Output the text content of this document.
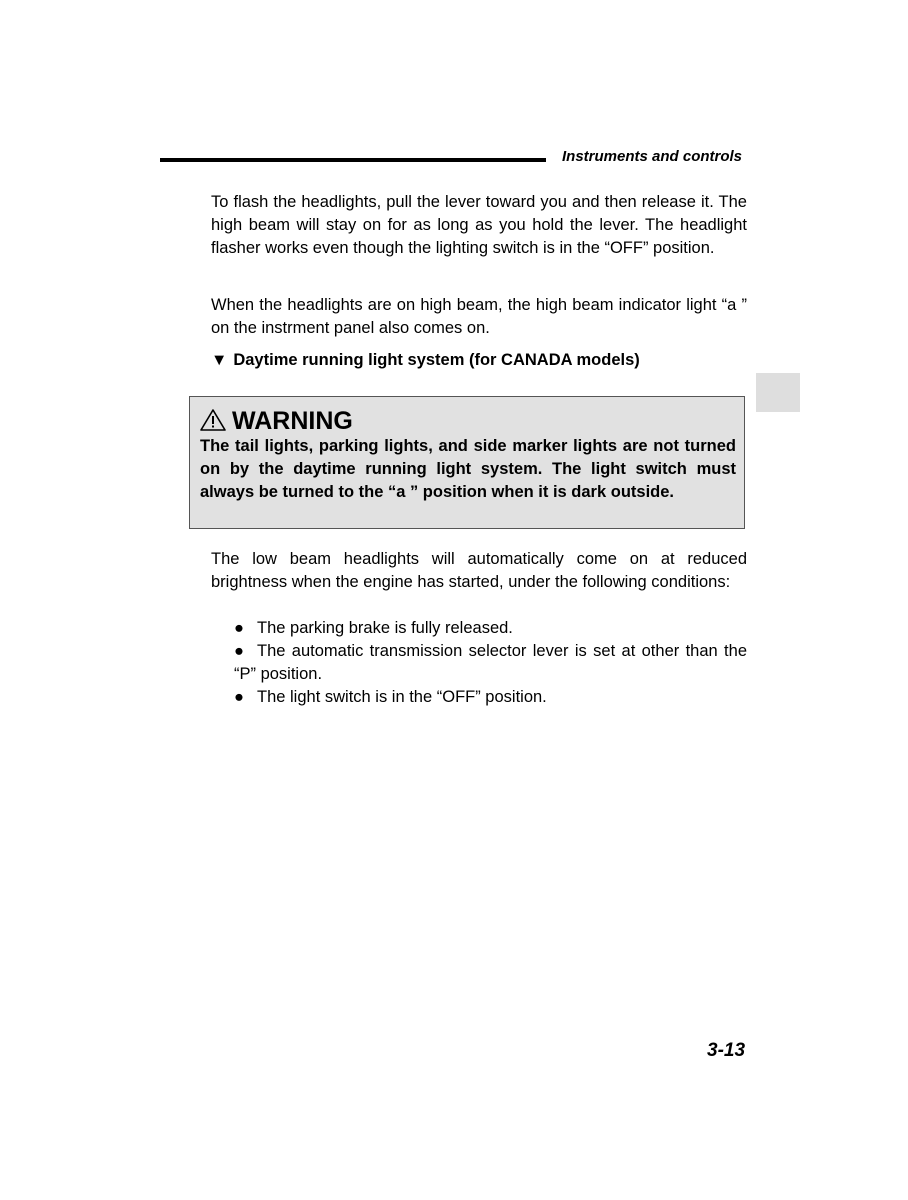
Instruments and controls

To flash the headlights, pull the lever toward you and then release it. The high beam will stay on for as long as you hold the lever. The headlight flasher works even though the lighting switch is in the “OFF” position.

When the headlights are on high beam, the high beam indicator light “a ” on the instrment panel also comes on.

▼ Daytime running light system (for CANADA models)
WARNING

The tail lights, parking lights, and side marker lights are not turned on by the daytime running light system. The light switch must always be turned to the “a ” position when it is dark outside.

The low beam headlights will automatically come on at reduced brightness when the engine has started, under the following conditions:

● The parking brake is fully released.
● The automatic transmission selector lever is set at other than the “P” position.
● The light switch is in the “OFF” position.
3-13
